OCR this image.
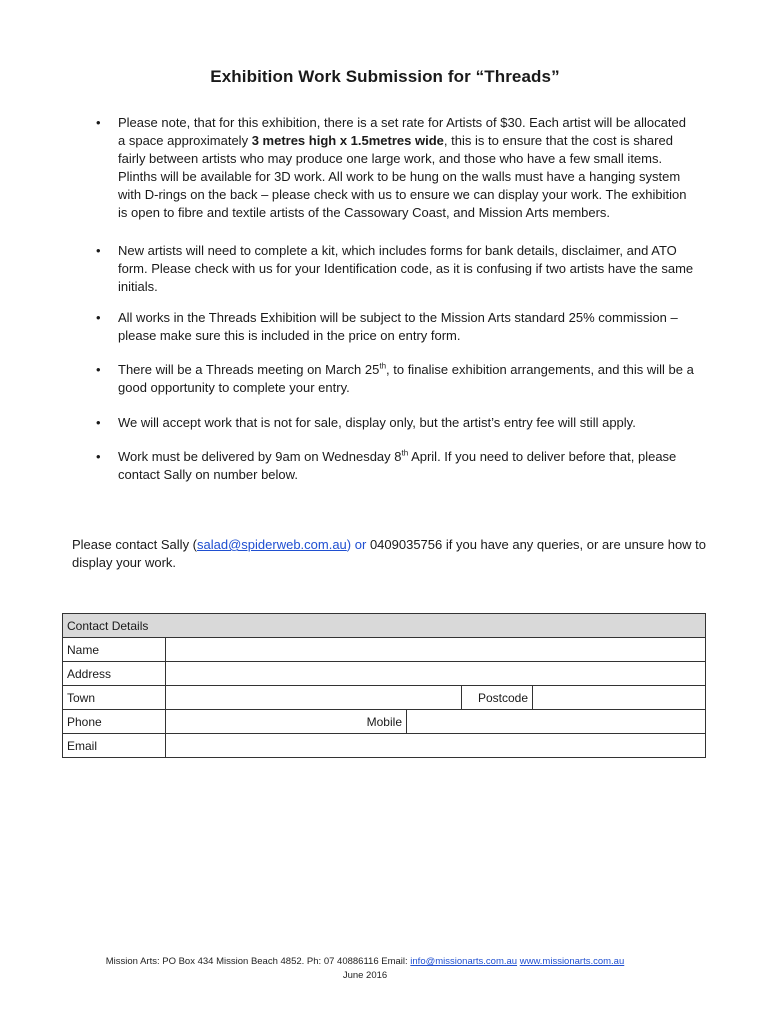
Exhibition Work Submission for “Threads”
• Please note, that for this exhibition, there is a set rate for Artists of $30. Each artist will be allocated a space approximately 3 metres high x 1.5metres wide, this is to ensure that the cost is shared fairly between artists who may produce one large work, and those who have a few small items. Plinths will be available for 3D work. All work to be hung on the walls must have a hanging system with D-rings on the back – please check with us to ensure we can display your work. The exhibition is open to fibre and textile artists of the Cassowary Coast, and Mission Arts members.
• New artists will need to complete a kit, which includes forms for bank details, disclaimer, and ATO form. Please check with us for your Identification code, as it is confusing if two artists have the same initials.
• All works in the Threads Exhibition will be subject to the Mission Arts standard 25% commission – please make sure this is included in the price on entry form.
• There will be a Threads meeting on March 25th, to finalise exhibition arrangements, and this will be a good opportunity to complete your entry.
• We will accept work that is not for sale, display only, but the artist’s entry fee will still apply.
• Work must be delivered by 9am on Wednesday 8th April. If you need to deliver before that, please contact Sally on number below.
Please contact Sally (salad@spiderweb.com.au) or 0409035756 if you have any queries, or are unsure how to display your work.
Contact Details				
Name				
Address				
Town			Postcode	
Phone	Mobile			
Email				
Mission Arts: PO Box 434 Mission Beach 4852. Ph: 07 40886116 Email: info@missionarts.com.au www.missionarts.com.au
June 2016
